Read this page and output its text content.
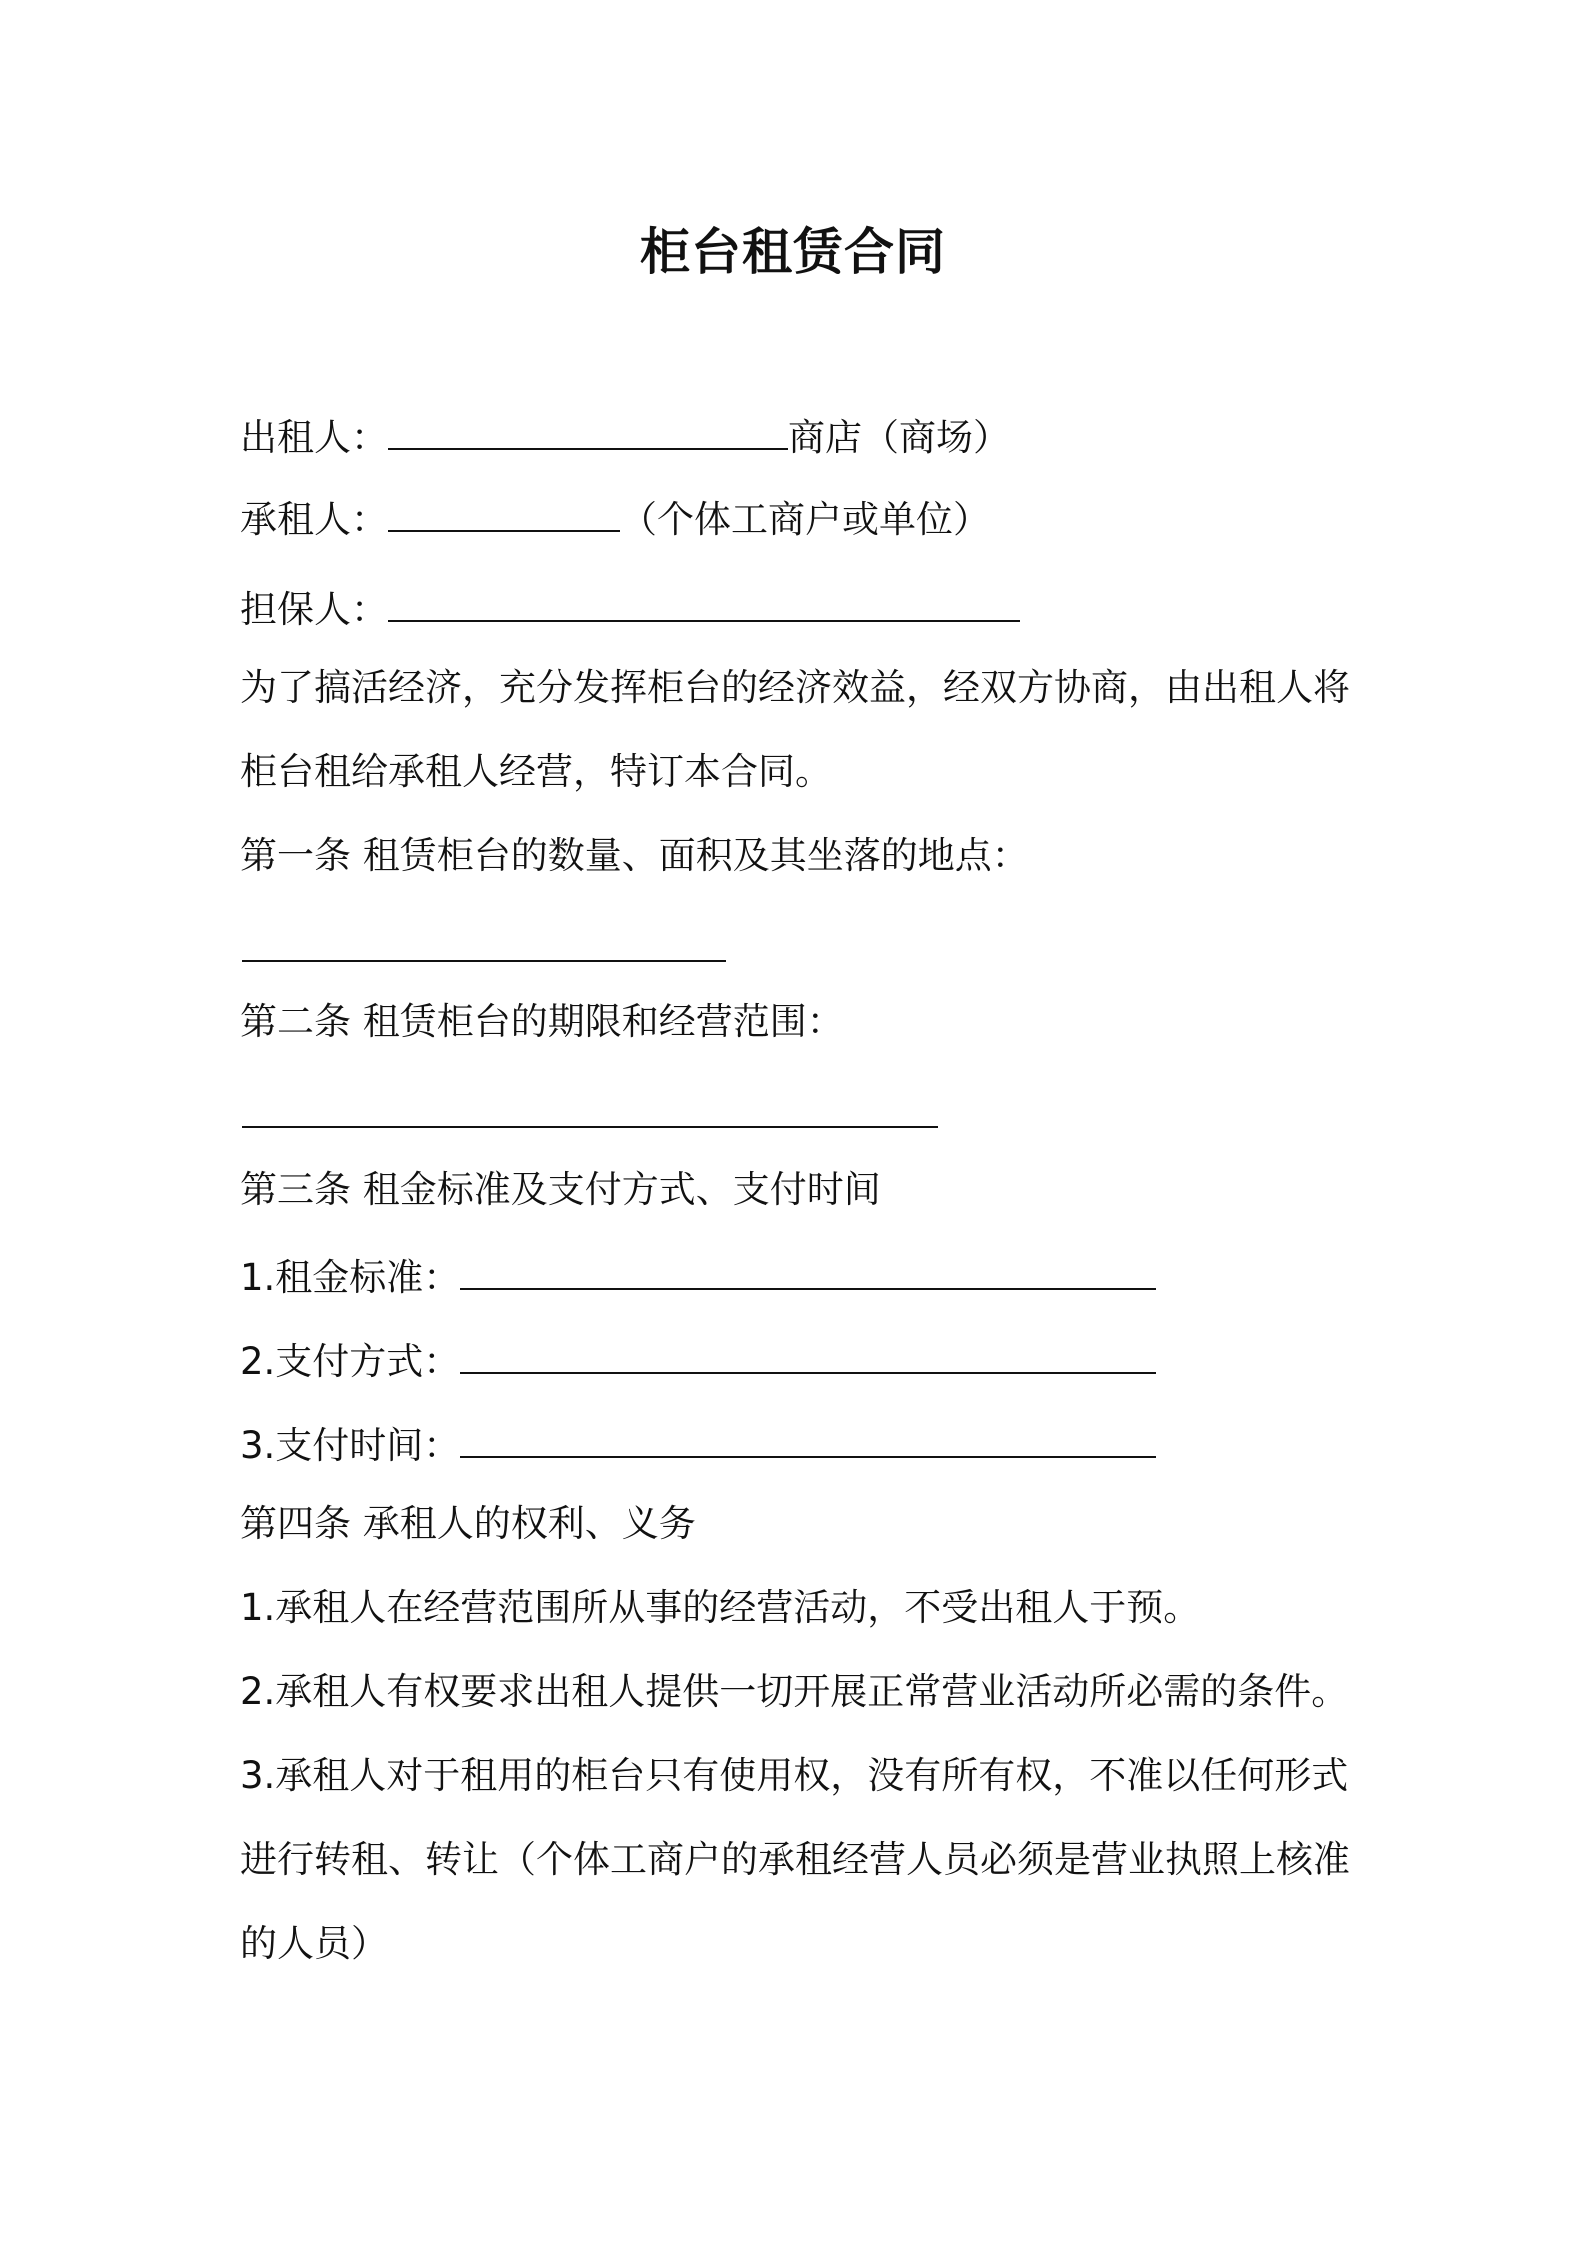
柜台租赁合同
出租人：	商店（商场）
承租人：	（个体工商户或单位）
担保人：
为了搞活经济，充分发挥柜台的经济效益，经双方协商，由出租人将
柜台租给承租人经营，特订本合同。
第一条 租赁柜台的数量、面积及其坐落的地点：
第二条 租赁柜台的期限和经营范围：
第三条 租金标准及支付方式、支付时间
1.租金标准：
2.支付方式：
3.支付时间：
第四条 承租人的权利、义务
1.承租人在经营范围所从事的经营活动，不受出租人于预。
2.承租人有权要求出租人提供一切开展正常营业活动所必需的条件。
3.承租人对于租用的柜台只有使用权，没有所有权，不准以任何形式
进行转租、转让（个体工商户的承租经营人员必须是营业执照上核准
的人员）
